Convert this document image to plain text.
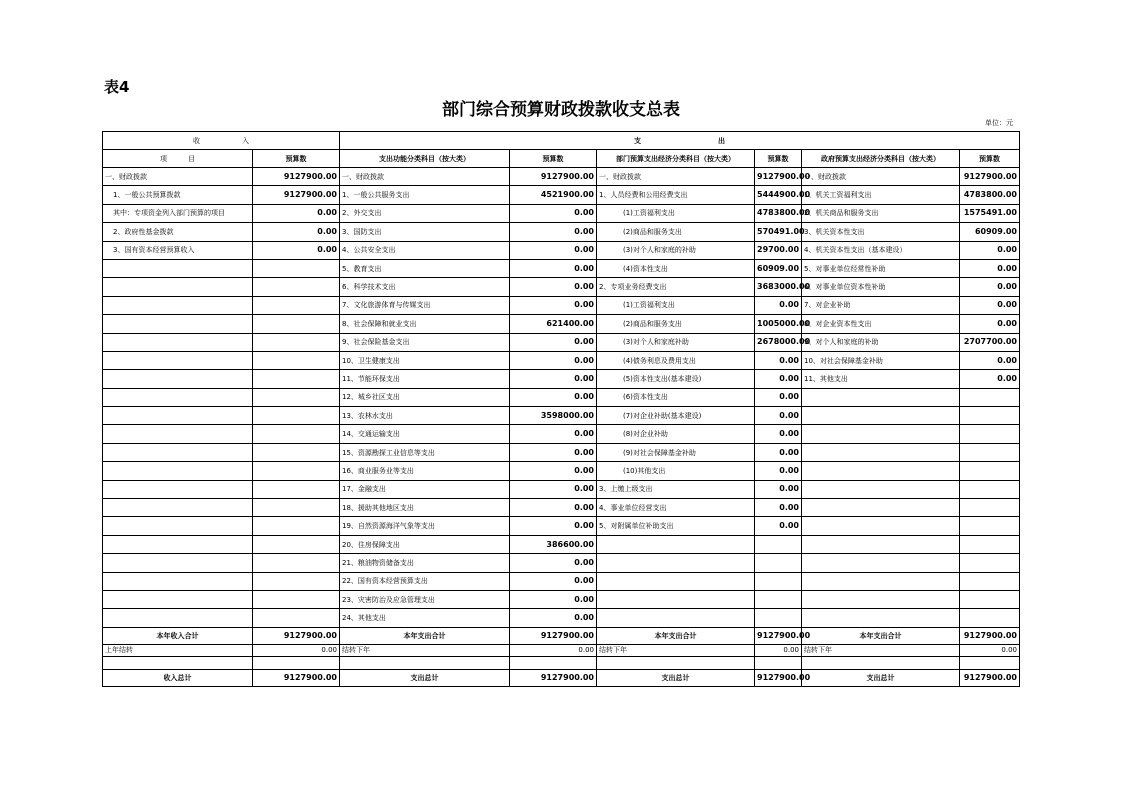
表4
部门综合预算财政拨款收支总表
单位：元
收　　　　　　入		支　　　　　　　　　　　出					
项　　　目	预算数	支出功能分类科目（按大类）	预算数	部门预算支出经济分类科目（按大类）	预算数	政府预算支出经济分类科目（按大类）	预算数
一、财政拨款	9127900.00	一、财政拨款	9127900.00	一、财政拨款	9127900.00	一、财政拨款	9127900.00
1、一般公共预算拨款	9127900.00	1、一般公共服务支出	4521900.00	1、人员经费和公用经费支出	5444900.00	1、机关工资福利支出	4783800.00
其中：专项资金列入部门预算的项目	0.00	2、外交支出	0.00	(1)工资福利支出	4783800.00	2、机关商品和服务支出	1575491.00
2、政府性基金拨款	0.00	3、国防支出	0.00	(2)商品和服务支出	570491.00	3、机关资本性支出	60909.00
3、国有资本经营预算收入	0.00	4、公共安全支出	0.00	(3)对个人和家庭的补助	29700.00	4、机关资本性支出（基本建设）	0.00
		5、教育支出	0.00	(4)资本性支出	60909.00	5、对事业单位经常性补助	0.00
		6、科学技术支出	0.00	2、专项业务经费支出	3683000.00	6、对事业单位资本性补助	0.00
		7、文化旅游体育与传媒支出	0.00	(1)工资福利支出	0.00	7、对企业补助	0.00
		8、社会保障和就业支出	621400.00	(2)商品和服务支出	1005000.00	8、对企业资本性支出	0.00
		9、社会保险基金支出	0.00	(3)对个人和家庭补助	2678000.00	9、对个人和家庭的补助	2707700.00
		10、卫生健康支出	0.00	(4)债务利息及费用支出	0.00	10、对社会保障基金补助	0.00
		11、节能环保支出	0.00	(5)资本性支出(基本建设)	0.00	11、其他支出	0.00
		12、城乡社区支出	0.00	(6)资本性支出	0.00		
		13、农林水支出	3598000.00	(7)对企业补助(基本建设)	0.00		
		14、交通运输支出	0.00	(8)对企业补助	0.00		
		15、资源勘探工业信息等支出	0.00	(9)对社会保障基金补助	0.00		
		16、商业服务业等支出	0.00	(10)其他支出	0.00		
		17、金融支出	0.00	3、上缴上级支出	0.00		
		18、援助其他地区支出	0.00	4、事业单位经营支出	0.00		
		19、自然资源海洋气象等支出	0.00	5、对附属单位补助支出	0.00		
		20、住房保障支出	386600.00				
		21、粮油物资储备支出	0.00				
		22、国有资本经营预算支出	0.00				
		23、灾害防治及应急管理支出	0.00				
		24、其他支出	0.00				
本年收入合计	9127900.00	本年支出合计	9127900.00	本年支出合计	9127900.00	本年支出合计	9127900.00
上年结转	0.00	结转下年	0.00	结转下年	0.00	结转下年	0.00

收入总计	9127900.00	支出总计	9127900.00	支出总计	9127900.00	支出总计	9127900.00
